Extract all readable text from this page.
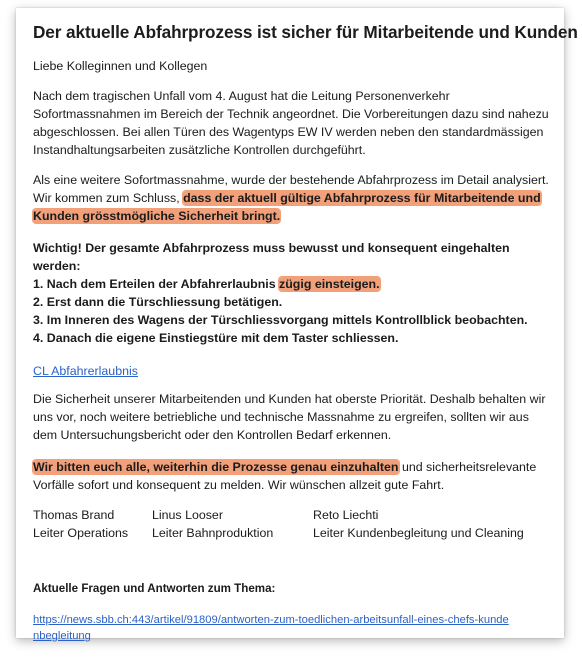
Der aktuelle Abfahrprozess ist sicher für Mitarbeitende und Kunden

Liebe Kolleginnen und Kollegen

Nach dem tragischen Unfall vom 4. August hat die Leitung Personenverkehr Sofortmassnahmen im Bereich der Technik angeordnet. Die Vorbereitungen dazu sind nahezu abgeschlossen. Bei allen Türen des Wagentyps EW IV werden neben den standardmässigen Instandhaltungsarbeiten zusätzliche Kontrollen durchgeführt.

Als eine weitere Sofortmassnahme, wurde der bestehende Abfahrprozess im Detail analysiert. Wir kommen zum Schluss, dass der aktuell gültige Abfahrprozess für Mitarbeitende und Kunden grösstmögliche Sicherheit bringt.

Wichtig! Der gesamte Abfahrprozess muss bewusst und konsequent eingehalten werden:

1. Nach dem Erteilen der Abfahrerlaubnis zügig einsteigen.
2. Erst dann die Türschliessung betätigen.
3. Im Inneren des Wagens der Türschliessvorgang mittels Kontrollblick beobachten.
4. Danach die eigene Einstiegstüre mit dem Taster schliessen.
CL Abfahrerlaubnis

Die Sicherheit unserer Mitarbeitenden und Kunden hat oberste Priorität. Deshalb behalten wir uns vor, noch weitere betriebliche und technische Massnahme zu ergreifen, sollten wir aus dem Untersuchungsbericht oder den Kontrollen Bedarf erkennen.

Wir bitten euch alle, weiterhin die Prozesse genau einzuhalten und sicherheitsrelevante Vorfälle sofort und konsequent zu melden. Wir wünschen allzeit gute Fahrt.

Thomas Brand
Leiter Operations
Linus Looser
Leiter Bahnproduktion
Reto Liechti
Leiter Kundenbegleitung und Cleaning

Aktuelle Fragen und Antworten zum Thema:

https://news.sbb.ch:443/artikel/91809/antworten-zum-toedlichen-arbeitsunfall-eines-chefs-kundenbegleitung
